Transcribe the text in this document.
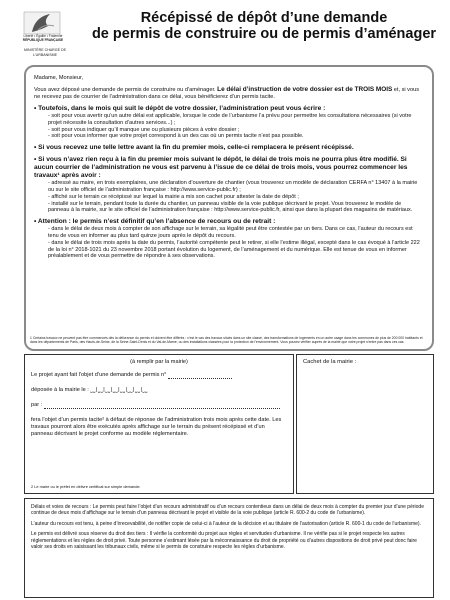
Liberté • Égalité • Fraternité
RÉPUBLIQUE FRANÇAISE
MINISTÈRE CHARGÉ DE L'URBANISME
Récépissé de dépôt d’une demande
de permis de construire ou de permis d’aménager
Madame, Monsieur,
Vous avez déposé une demande de permis de construire ou d’aménager. Le délai d’instruction de votre dossier est de TROIS MOIS et, si vous ne recevez pas de courrier de l’administration dans ce délai, vous bénéficierez d’un permis tacite.
• Toutefois, dans le mois qui suit le dépôt de votre dossier, l’administration peut vous écrire :
- soit pour vous avertir qu’un autre délai est applicable, lorsque le code de l’urbanisme l’a prévu pour permettre les consultations nécessaires (si votre projet nécessite la consultation d’autres services...) ;
- soit pour vous indiquer qu’il manque une ou plusieurs pièces à votre dossier ;
- soit pour vous informer que votre projet correspond à un des cas où un permis tacite n’est pas possible.
• Si vous recevez une telle lettre avant la fin du premier mois, celle-ci remplacera le présent récépissé.
• Si vous n’avez rien reçu à la fin du premier mois suivant le dépôt, le délai de trois mois ne pourra plus être modifié. Si aucun courrier de l’administration ne vous est parvenu à l’issue de ce délai de trois mois, vous pourrez commencer les travaux¹ après avoir :
- adressé au maire, en trois exemplaires, une déclaration d’ouverture de chantier (vous trouverez un modèle de déclaration CERFA n° 13407 à la mairie ou sur le site officiel de l’administration française : http://www.service-public.fr) ;
- affiché sur le terrain ce récépissé sur lequel la mairie a mis son cachet pour attester la date de dépôt ;
- installé sur le terrain, pendant toute la durée du chantier, un panneau visible de la voie publique décrivant le projet. Vous trouverez le modèle de panneau à la mairie, sur le site officiel de l’administration française : http://www.service-public.fr, ainsi que dans la plupart des magasins de matériaux.
• Attention : le permis n’est définitif qu’en l’absence de recours ou de retrait :
- dans le délai de deux mois à compter de son affichage sur le terrain, sa légalité peut être contestée par un tiers. Dans ce cas, l’auteur du recours est tenu de vous en informer au plus tard quinze jours après le dépôt du recours.
- dans le délai de trois mois après la date du permis, l’autorité compétente peut le retirer, si elle l’estime illégal, excepté dans le cas évoqué à l’article 222 de la loi n° 2018-1021 du 23 novembre 2018 portant évolution du logement, de l’aménagement et du numérique. Elle est tenue de vous en informer préalablement et de vous permettre de répondre à ses observations.
(à remplir par la mairie)
Le projet ayant fait l’objet d’une demande de permis n°
déposée à la mairie le : ⎵⎵|⎵⎵|⎵⎵|⎵⎵|⎵⎵|⎵⎵|⎵⎵|⎵⎵
par :
fera l’objet d’un permis tacite² à défaut de réponse de l’administration trois mois après cette date. Les travaux pourront alors être exécutés après affichage sur le terrain du présent récépissé et d’un panneau décrivant le projet conforme au modèle réglementaire.
2 Le maire ou le préfet en délivre certificat sur simple demande.
Cachet de la mairie :
Délais et voies de recours : Le permis peut faire l’objet d’un recours administratif ou d’un recours contentieux dans un délai de deux mois à compter du premier jour d’une période continue de deux mois d’affichage sur le terrain d’un panneau décrivant le projet et visible de la voie publique (article R. 600-2 du code de l’urbanisme).
L’auteur du recours est tenu, à peine d’irrecevabilité, de notifier copie de celui-ci à l’auteur de la décision et au titulaire de l’autorisation (article R. 600-1 du code de l’urbanisme).
Le permis est délivré sous réserve du droit des tiers : Il vérifie la conformité du projet aux règles et servitudes d’urbanisme. Il ne vérifie pas si le projet respecte les autres réglementations et les règles de droit privé. Toute personne s’estimant lésée par la méconnaissance du droit de propriété ou d’autres dispositions de droit privé peut donc faire valoir ses droits en saisissant les tribunaux civils, même si le permis de construire respecte les règles d’urbanisme.
1 Certains travaux ne peuvent pas être commencés dès la délivrance du permis et doivent être différés : c’est le cas des travaux situés dans un site classé, des transformations de logements en un autre usage dans les communes de plus de 200 000 habitants et dans les départements de Paris, des Hauts-de-Seine, de la Seine-Saint-Denis et du Val-de-Marne, ou des installations classées pour la protection de l’environnement. Vous pouvez vérifier auprès de la mairie que votre projet n’entre pas dans ces cas.
